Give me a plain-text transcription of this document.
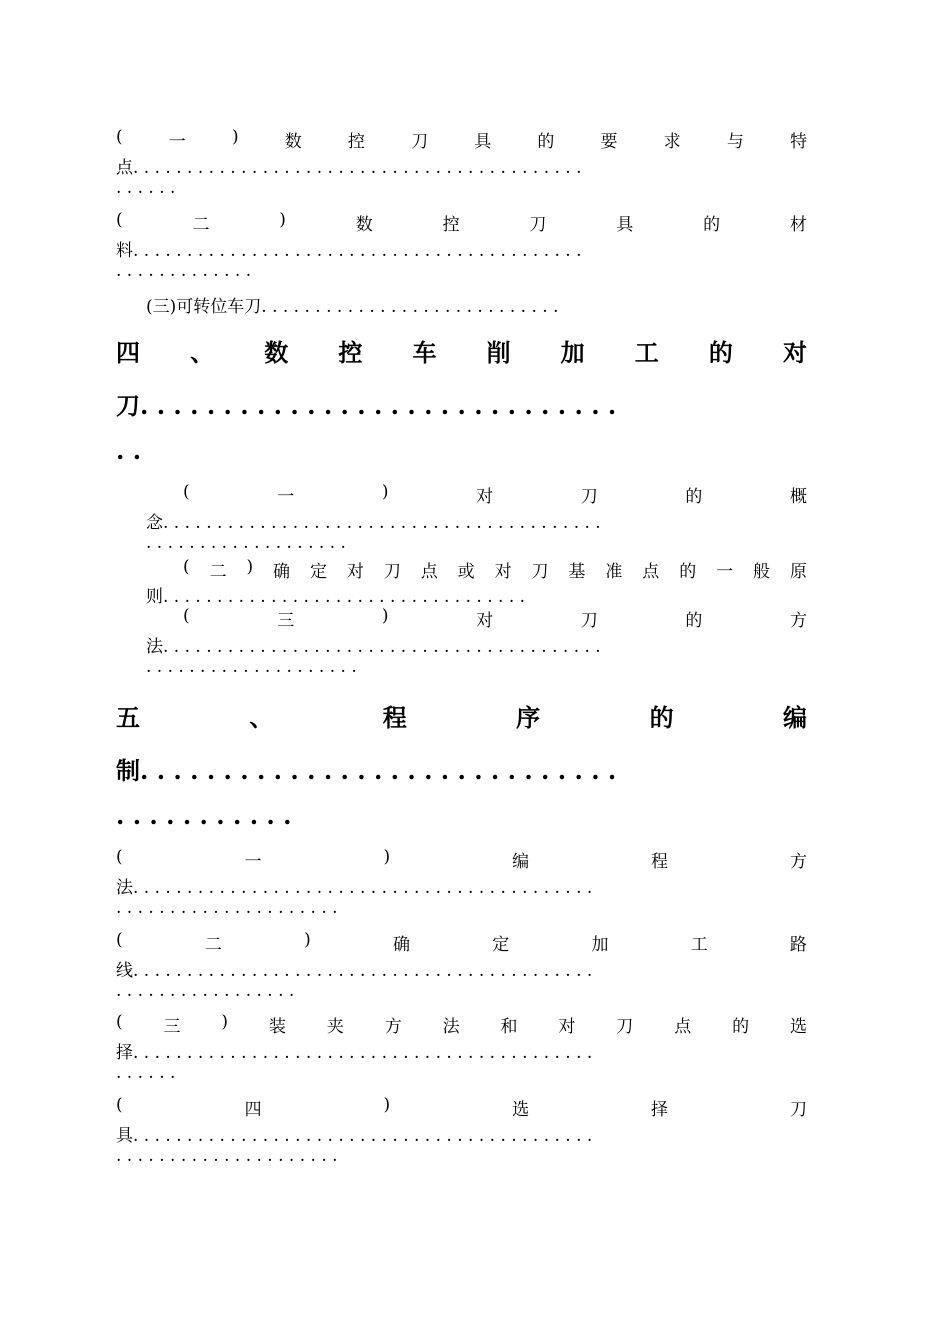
(	一	)	数	控	刀	具	的	要	求	与	特
点. . . . . . . . . . . . . . . . . . . . . . . . . . . . . . . . . . . . . . . . . .
. . . . . .
(	二	)	数	控	刀	具	的	材
料. . . . . . . . . . . . . . . . . . . . . . . . . . . . . . . . . . . . . . . . . .
. . . . . . . . . . . . .
(三)可转位车刀. . . . . . . . . . . . . . . . . . . . . . . . . . . .
四 、 数 控 车 削 加 工 的 对
刀. . . . . . . . . . . . . . . . . . . . . . . . . . . . .
. .
(	一	)	对	刀	的	概
念. . . . . . . . . . . . . . . . . . . . . . . . . . . . . . . . . . . . . . . . .
. . . . . . . . . . . . . . . . . . .
( 二 ) 确 定 对 刀 点 或 对 刀 基 准 点 的 一 般 原
则. . . . . . . . . . . . . . . . . . . . . . . . . . . . . . . . . .
(	三	)	对	刀	的	方
法. . . . . . . . . . . . . . . . . . . . . . . . . . . . . . . . . . . . . . . . .
. . . . . . . . . . . . . . . . . . . .
五	、	程	序	的	编
制. . . . . . . . . . . . . . . . . . . . . . . . . . . . .
. . . . . . . . . . .
(	一	)	编	程	方
法. . . . . . . . . . . . . . . . . . . . . . . . . . . . . . . . . . . . . . . . . . .
. . . . . . . . . . . . . . . . . . . . .
(	二	)	确	定	加	工	路
线. . . . . . . . . . . . . . . . . . . . . . . . . . . . . . . . . . . . . . . . . . .
. . . . . . . . . . . . . . . . .
( 三 ) 装 夹 方 法 和 对 刀 点 的 选
择. . . . . . . . . . . . . . . . . . . . . . . . . . . . . . . . . . . . . . . . . . .
. . . . . .
(	四	)	选	择	刀
具. . . . . . . . . . . . . . . . . . . . . . . . . . . . . . . . . . . . . . . . . . .
. . . . . . . . . . . . . . . . . . . . .
